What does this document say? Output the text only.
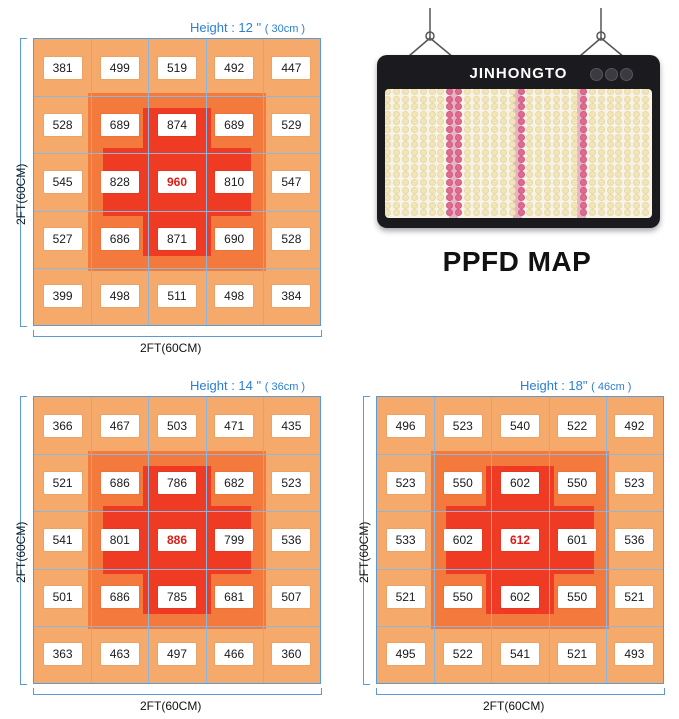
Height : 12 " ( 30cm )
381	499	519	492	447
528	689	874	689	529
545	828	960	810	547
527	686	871	690	528
399	498	511	498	384
2FT(60CM)
2FT(60CM)
JINHONGTO
PPFD MAP
Height : 14 " ( 36cm )
366	467	503	471	435
521	686	786	682	523
541	801	886	799	536
501	686	785	681	507
363	463	497	466	360
2FT(60CM)
2FT(60CM)
Height : 18" ( 46cm )
496	523	540	522	492
523	550	602	550	523
533	602	612	601	536
521	550	602	550	521
495	522	541	521	493
2FT(60CM)
2FT(60CM)
